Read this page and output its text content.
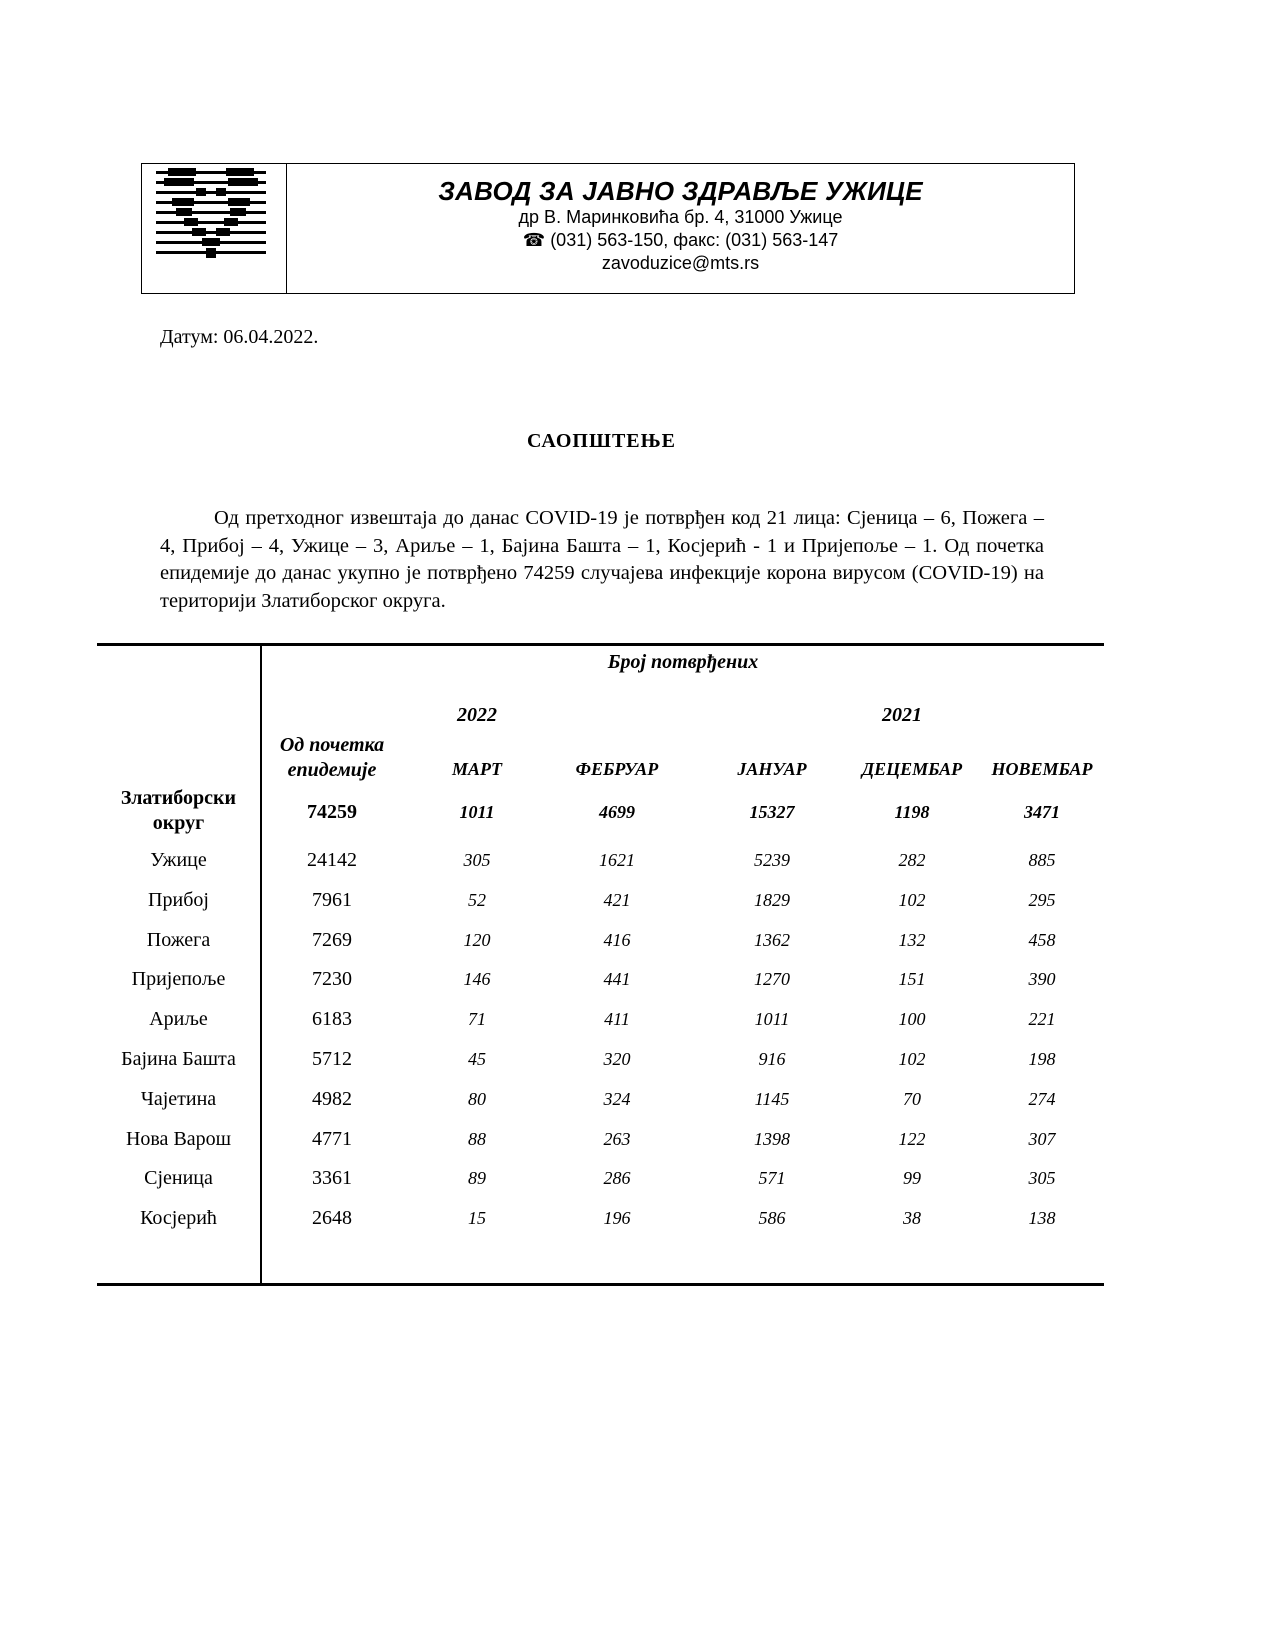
ЗАВОД ЗА ЈАВНО ЗДРАВЉЕ УЖИЦЕ
др В. Маринковића бр. 4, 31000 Ужице
☎ (031) 563-150, факс: (031) 563-147
zavoduzice@mts.rs
Датум: 06.04.2022.
САОПШТЕЊЕ

Од претходног извештаја до данас COVID-19 је потврђен код 21 лица: Сјеница – 6, Пожега – 4, Прибој – 4, Ужице – 3, Ариље – 1, Бајина Башта – 1, Косјерић - 1 и Пријепоље – 1. Од почетка епидемије до данас укупно је потврђено 74259 случајева инфекције корона вирусом (COVID-19) на територији Златиборског округа.

Број потврђених
2022	2021
Од почетка епидемије	МАРТ	ФЕБРУАР	ЈАНУАР	ДЕЦЕМБАР	НОВЕМБАР
Златиборски округ	74259	1011	4699	15327	1198	3471
Ужице	24142	305	1621	5239	282	885
Прибој	7961	52	421	1829	102	295
Пожега	7269	120	416	1362	132	458
Пријепоље	7230	146	441	1270	151	390
Ариље	6183	71	411	1011	100	221
Бајина Башта	5712	45	320	916	102	198
Чајетина	4982	80	324	1145	70	274
Нова Варош	4771	88	263	1398	122	307
Сјеница	3361	89	286	571	99	305
Косјерић	2648	15	196	586	38	138
